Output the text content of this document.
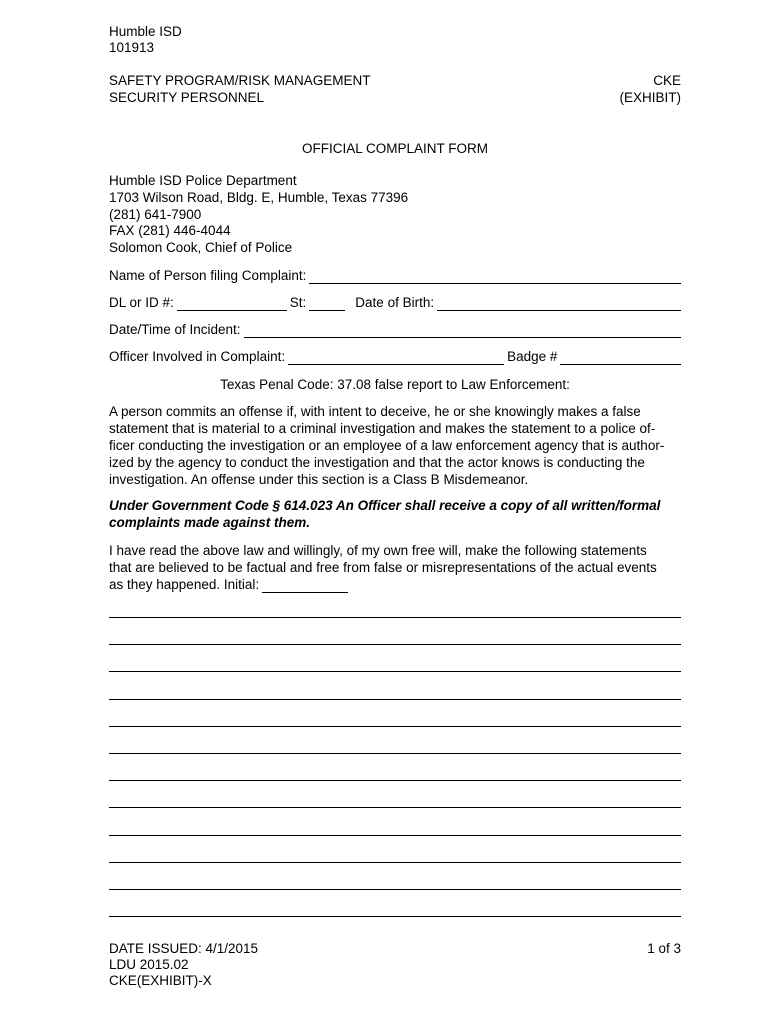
Humble ISD
101913
SAFETY PROGRAM/RISK MANAGEMENT
SECURITY PERSONNEL
CKE
(EXHIBIT)
OFFICIAL COMPLAINT FORM
Humble ISD Police Department
1703 Wilson Road, Bldg. E, Humble, Texas 77396
(281) 641-7900
FAX (281) 446-4044
Solomon Cook, Chief of Police
Name of Person filing Complaint:
DL or ID #:	St:	Date of Birth:
Date/Time of Incident:
Officer Involved in Complaint:	Badge #
Texas Penal Code: 37.08 false report to Law Enforcement:
A person commits an offense if, with intent to deceive, he or she knowingly makes a false
statement that is material to a criminal investigation and makes the statement to a police of-
ficer conducting the investigation or an employee of a law enforcement agency that is author-
ized by the agency to conduct the investigation and that the actor knows is conducting the
investigation. An offense under this section is a Class B Misdemeanor.
Under Government Code § 614.023 An Officer shall receive a copy of all written/formal
complaints made against them.
I have read the above law and willingly, of my own free will, make the following statements
that are believed to be factual and free from false or misrepresentations of the actual events
as they happened. Initial:
DATE ISSUED: 4/1/2015
LDU 2015.02
CKE(EXHIBIT)-X
1 of 3
